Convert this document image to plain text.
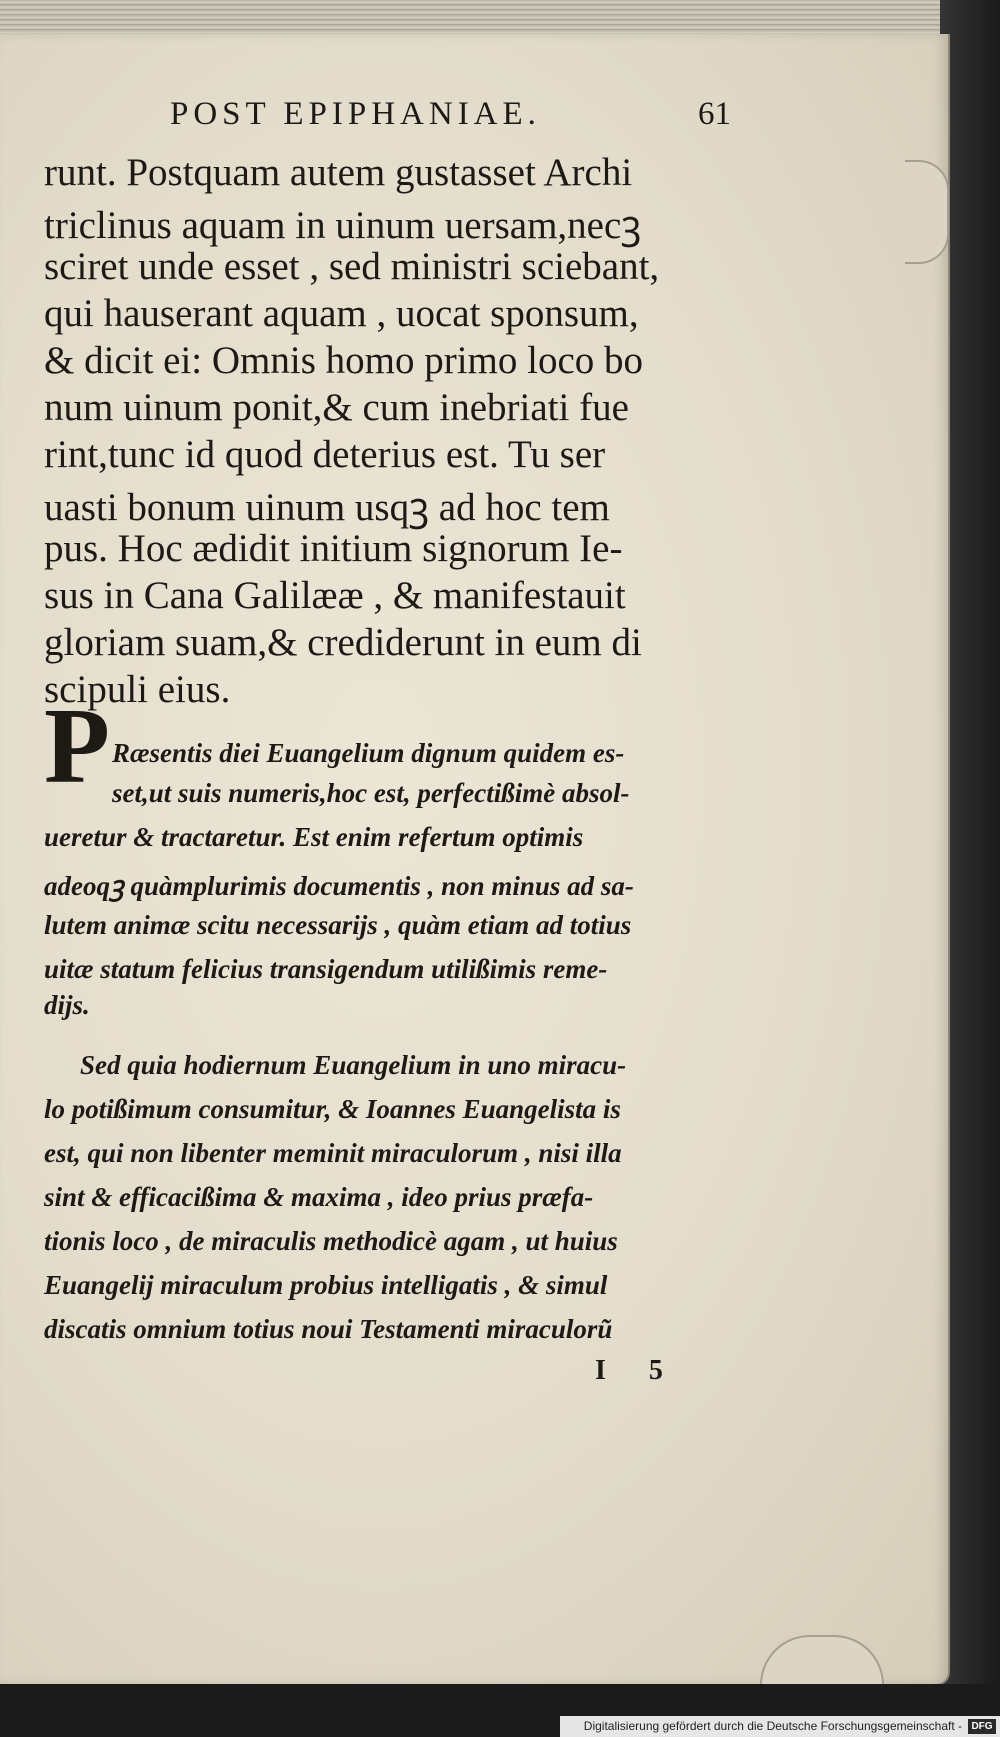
POST EPIPHANIAE.	61
runt. Postquam autem gustasset Archi
triclinus aquam in uinum uersam,necꝫ
sciret unde esset , sed ministri sciebant,
qui hauserant aquam , uocat sponsum,
& dicit ei: Omnis homo primo loco bo
num uinum ponit,& cum inebriati fue
rint,tunc id quod deterius est. Tu ser
uasti bonum uinum usqꝫ ad hoc tem
pus. Hoc ædidit initium signorum Ie-
sus in Cana Galilææ , & manifestauit
gloriam suam,& crediderunt in eum di
scipuli eius.
P Ræsentis diei Euangelium dignum quidem es-
set,ut suis numeris,hoc est, perfectißimè absol-
ueretur & tractaretur. Est enim refertum optimis
adeoqꝫ quàmplurimis documentis , non minus ad sa-
lutem animæ scitu necessarijs , quàm etiam ad totius
uitæ statum felicius transigendum utilißimis reme-
dijs.
Sed quia hodiernum Euangelium in uno miracu-
lo potißimum consumitur, & Ioannes Euangelista is
est, qui non libenter meminit miraculorum , nisi illa
sint & efficacißima & maxima , ideo prius præfa-
tionis loco , de miraculis methodicè agam , ut huius
Euangelij miraculum probius intelligatis , & simul
discatis omnium totius noui Testamenti miraculorũ
I 5
Digitalisierung gefördert durch die Deutsche Forschungsgemeinschaft - DFG
